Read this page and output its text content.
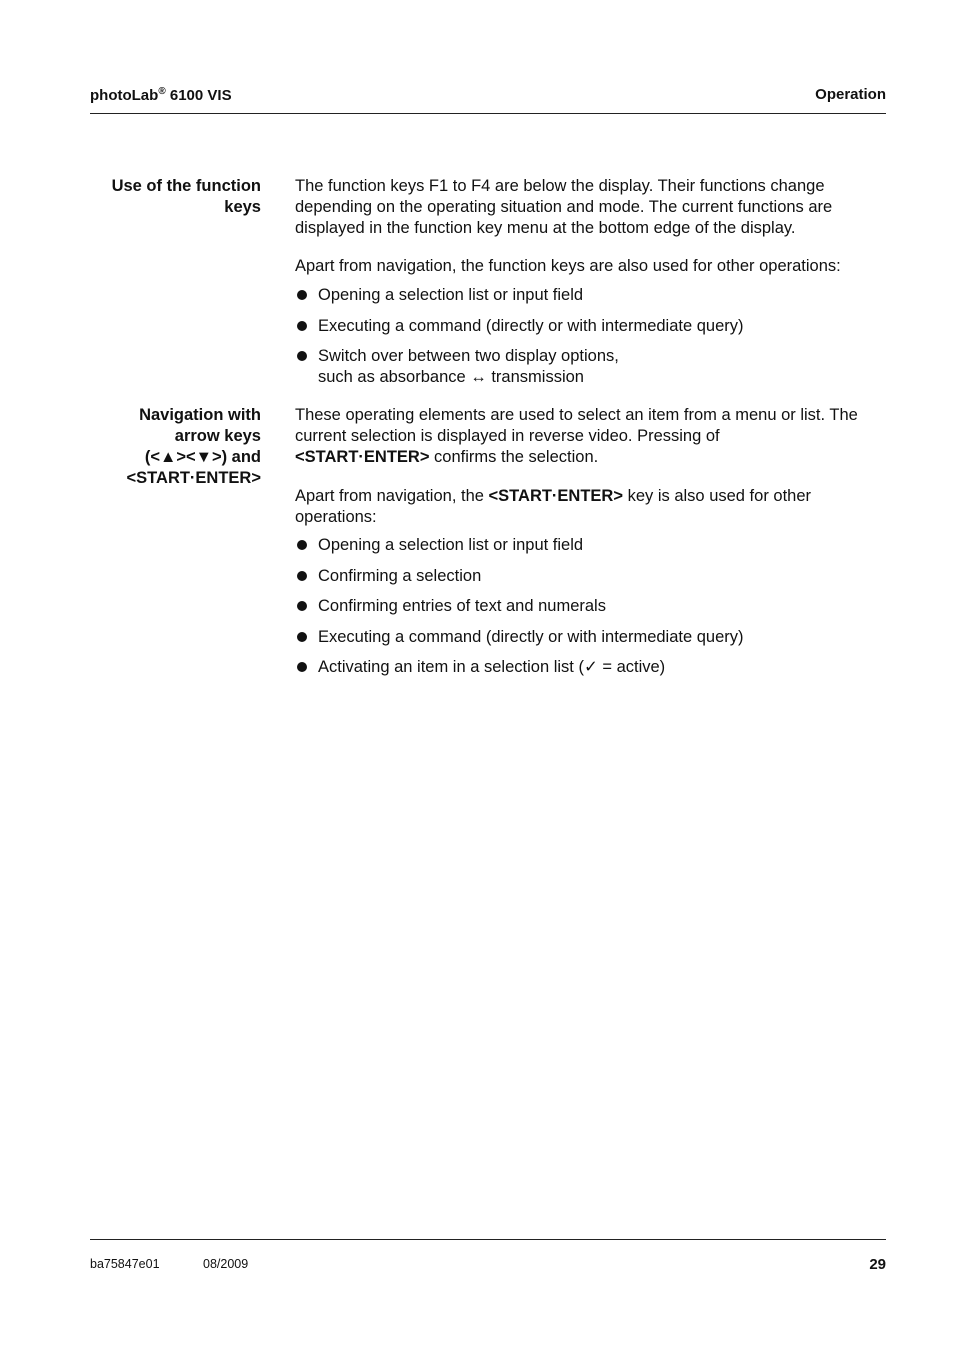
photoLab® 6100 VIS	Operation
Use of the function
keys
The function keys F1 to F4 are below the display. Their functions change
depending on the operating situation and mode. The current functions are
displayed in the function key menu at the bottom edge of the display.
Apart from navigation, the function keys are also used for other operations:
Opening a selection list or input field
Executing a command (directly or with intermediate query)
Switch over between two display options,
such as absorbance ↔ transmission
Navigation with
arrow keys
(<▲><▼>) and
<START·ENTER>
These operating elements are used to select an item from a menu or list. The
current selection is displayed in reverse video. Pressing of
<START·ENTER> confirms the selection.
Apart from navigation, the <START·ENTER> key is also used for other
operations:
Opening a selection list or input field
Confirming a selection
Confirming entries of text and numerals
Executing a command (directly or with intermediate query)
Activating an item in a selection list (✓ = active)
ba75847e01	08/2009	29
